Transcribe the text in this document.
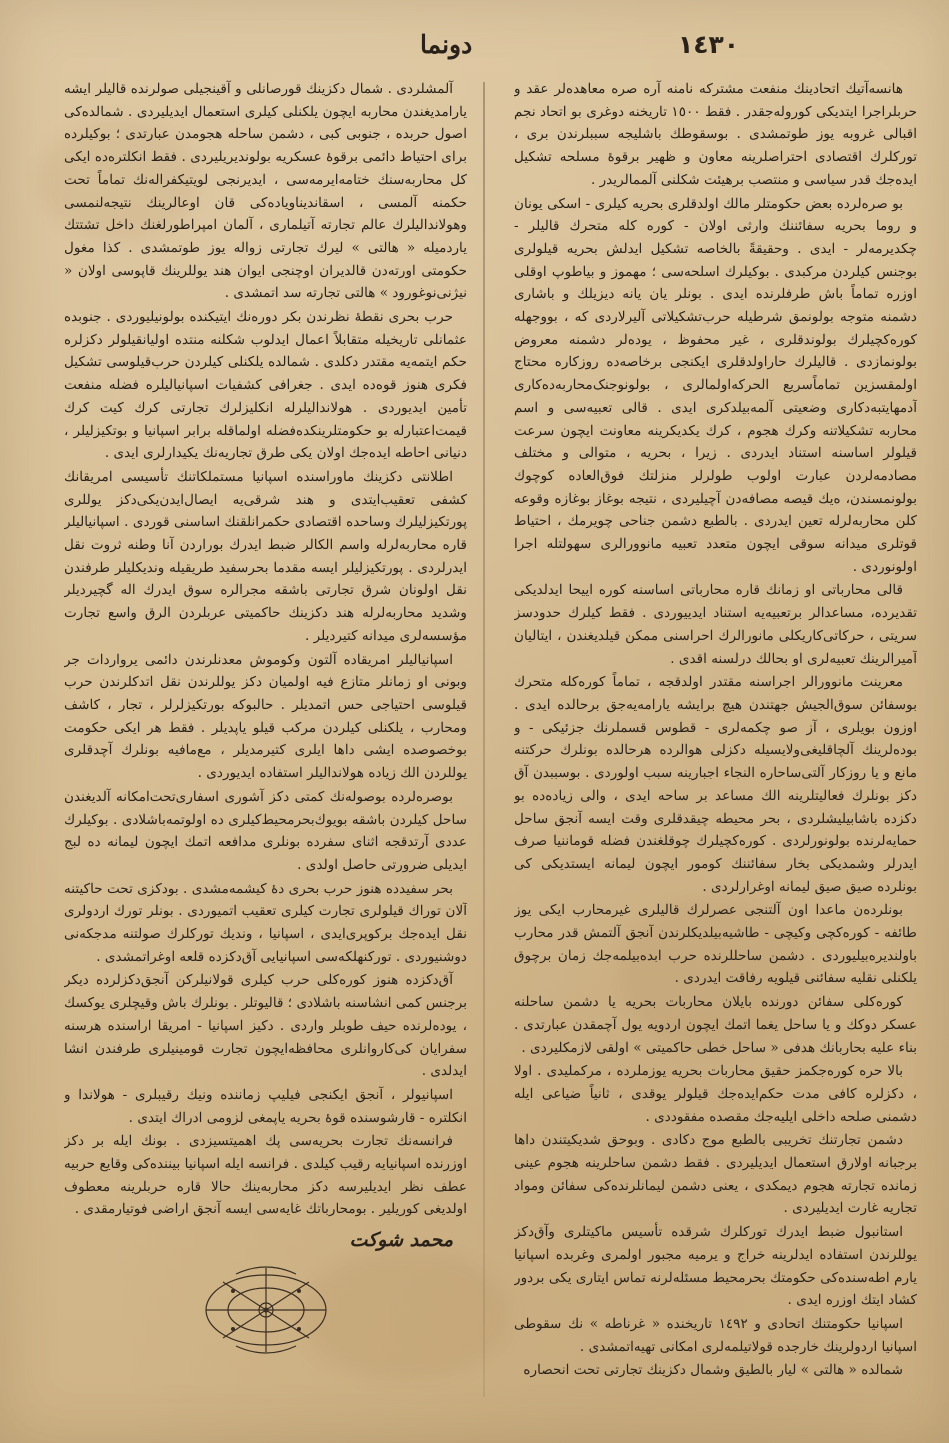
١٤٣٠
دونما

هانسه‌آتیك اتحادینك منفعت مشتركه نامنه آره صره معاهده‌لر عقد و حربلراجرا ایتدیکی کوروله‌جقدر . فقط ١٥٠٠ تاریخنه دوغری بو اتحاد نجم اقبالی غروبه یوز طوتمشدی . بوسقوطك باشلیجه سببلرندن بری ، توركلرك اقتصادی احتراصلرینه معاون و ظهیر برقوۀ مسلحه تشکیل ایده‌جك قدر سیاسی و منتصب برهیئت شكلنی آلممالریدر .

بو صره‌لرده بعض حكومتلر مالك اولدقلری بحریه كیلری - اسكی یونان و روما بحریه سفائننك وارثی اولان - كوره كله متحرك قالیلر - چكدیرمه‌لر - ایدی . وحقیقةً بالخاصه تشکیل ایدلش بحریه قیلولری بوجنس كیلردن مركبدی . بوكیلرك اسلحه‌سی ؛ مهموز و بیاطوپ اوقلی اوزره تماماً باش طرفلرنده ایدی . بونلر یان یانه دیزیلك و باشاری دشمنه متوجه بولونمق شرطیله حرب‌تشکیلاتی آلیرلاردی که ، بووجهله كوره‌كچیلرك بولوندقلری ، غیر محفوظ ، یوده‌لر دشمنه معروض بولونمازدی . قالیلرك حاراولدقلری ایكنجی برخاصه‌ده روزكاره محتاج اولمقسزین تماماًسریع‌ الحركه‌اولمالری ، بولونوجنک‌محاربه‌ده‌کاری آدمهایتبه‌دکاری وضعیتی آلمه‌بیلدکری ایدی . قالی تعبیه‌سی و اسم محاربه تشکیلاتنه وكرك هجوم ، كرك‌ یكدیكرینه معاونت ایچون سرعت قیلولر اساسنه استناد ایدردی . زیرا ، بحریه ، متوالی و مختلف مصادمه‌لردن عبارت اولوب طولرلر منزلتك فوق‌العاده كوچوك بولونمسندن، ه‌یك قیصه مصافه‌دن آچیلیردی ، نتیجه بوغاز بوغازه وقوعه كلن محاربه‌لرله تعین ایدردی . بالطبع دشمن جناحی چویرمك ، احتیاط قوتلری میدانه سوقی ایچون متعدد تعبیه مانوورالری سهولتله اجرا اولونوردی .

قالی محارباتی او زمانك قاره محارباتی اساسنه كوره اییحا ایدلدیکی تقدیرده، مساعدالر برتعبیه‌یه استناد ایدییوردی . فقط كیلرك حدودسز سریتی ، حركاتی‌كاریكلی مانورالرك احراسنی ممكن قیلدیغندن ، ایتالیان آمیرالرینك تعبیه‌لری او بحالك درلسنه اقدی .

معرینت مانوورالر اجراسنه مقتدر اولدقجه ، تماماً كوره‌كله متحرك بوسفائن سوق‌الجیش جهتندن هیچ برایشه یارامه‌یه‌جق برحالده ایدی . اوزون بویلری ، آز صو چکمه‌لری - قطوس قسملرنك جزئیکی - و بوده‌لرینك آلچاقلیغی‌ولایسیله دكزلی هوالرده هرحالده بونلرك حركتنه مانع و یا روزكار آلتی‌ساحاره النجاء اجبارینه سبب اولوردی . بوسببدن آق دكز بونلرك فعالیتلرینه الك مساعد بر ساحه ایدی ، والی زیاده‌ده بو دكزده باشابیلیشلردی ، بحر محیطه چیقدقلری وقت ایسه آنجق ساحل حمایه‌لرنده بولونورلردی . كوره‌كچیلرك چوقلغندن فضله قوماننیا صرف ایدرلر وشمدیکی بخار سفائننك كومور ایچون لیمانه ایستدیکی كی بونلرده صیق صیق لیمانه اوغرارلردی .

بونلرده‌ن ماعدا اون آلتنجی عصرلرك قالیلری غیرمحارب ایكی یوز طائفه - كوره‌كچی وكیچی - طاشیه‌بیلدیکلرندن آنجق آلتمش قدر محارب باولندیره‌بیلیوردی . دشمن ساحللرنده حرب ابده‌بیلمه‌جك زمان برچوق یلكنلی نقلیه سفائنی قیلویه رفاقت ایدردی .

كوره‌كلی سفائن دورنده بایلان محاربات بحریه یا دشمن ساحلنه عسكر دوكك و یا ساحل یغما اتمك ایچون اردویه یول آچمقدن عبارتدی . بناء علیه بحاربانك هدفی « ساحل خطی حاكمیتی » اولقی لازمكلیردی .

بالا حره كوره‌جكمز حقیق محاربات بحریه یوزملرده ، مركملیدی . اولا ، دكزلره كافی مدت حكم‌ایده‌جك قیلولر یوقدی ، ثانیاً ضیاعی ایله دشمنی صلحه داخلی ایلیه‌جك مقصده مفقوددی .

دشمن تجارتنك تخریبی بالطبع موج دکادی . وبوحق شدیكیتندن داها برجبانه اولارق استعمال ایدیلیردی . فقط دشمن ساحلرینه هجوم عینی زمانده تجارته هجوم دیمكدی ، یعنی دشمن لیمانلرنده‌كی سفائن ومواد تجاریه غارت ایدیلیردی .

استانبول ضبط ایدرك توركلرك شرقده تأسیس ما‌كیتلری وآق‌دكز یوللرندن استفاده ایدلرینه خراج و یرمیه مجبور اولمری وغربده اسپانیا یارم اطه‌سنده‌كی حكومتك بحرمحیط مسئله‌لرنه تماس ایتاری یکی بردور كشاد ایتك اوزره ایدی .

اسپانیا حكومتنك اتحادی و ١٤٩٢ تاریخنده « غرناطه » نك سقوطی اسپانیا اردولرینك خارجده قولاتیلمه‌لری امكانی تهیه‌اتمشدی .

شمالده « هالتی » لیار بالطیق وشمال دكزینك تجارتی تحت انحصاره

آلمشلردی . شمال دكزینك قورصانلی و آقینجیلی صولرنده قالیلر ایشه یارامدیغندن محاربه ایچون یلكنلی كیلری استعمال ایدیلیردی . شمالده‌كی اصول حربده ، جنوبی كبی ، دشمن ساحله هجومدن عبارتدی ؛ بوكیلرده برای احتیاط دائمی برقوۀ عسكریه بولوندیریلیردی . فقط انكلتره‌ده ایكی كل محاربه‌سنك ختامه‌ایرمه‌سی ، ایدیرنجی لویتیكفراله‌نك تماماً تحت حكمنه آلمسی ، اسقاندیناویاده‌كی قان‌ اوعالرینك نتیجه‌لنمسی وهولاندالیلرك عالم تجارته آتیلماری ، آلمان امپراطورلغنك داخل تشتتك یاردمیله « هالتی » لیرك تجارتی زواله یوز طوتمشدی . كذا مغول حكومتی اورته‌دن قالدیران اوچنجی ایوان هند یوللرینك قاپوسی اولان « نیژنی‌نوغورود » هالتی تجارته سد اتمشدی .

حرب بحری نقطۀ نظرندن بكر دوره‌نك ایتیکنده بولونیلیوردی . جنوبده عثمانلی تاریخیله متقابلاً اعمال ایدلوب شكلنه منتده اولیانقیلولر دكزلره حكم ایتمه‌یه مقتدر دكلدی . شمالده یلكنلی كیلردن حرب‌قیلوسی تشكیل فكری هنوز قوه‌ده ایدی . جغرافی كشفیات اسپانیالیلره فضله منفعت تأمین ایدیوردی . هولاندالیلرله انكلیزلرك تجارتی كرك كیت كرك قیمت‌اعتبارله‌ بو حكومتلرینكده‌فضله‌ اولماقله برابر اسپانیا و بوتكیزلیلر ، دنیانی احاطه ایده‌جك اولان یکی طرق تجاریه‌نك یکیدارلری ایدی .

اطلانتی دكزینك ماوراسنده اسپانیا مستملكاتنك تأسیسی امریقانك كشفی تعقیب‌ایتدی و هند شرقی‌یه ایصال‌ایدن‌یكی‌دكز یوللری پورتكیزلیلرك وساحده‌ اقتصادی حكمرانلقنك اساسنی قوردی . اسپانیالیلر قاره محاربه‌لرله واسم الكالر ضبط ایدرك بوراردن آنا وطنه ثروت نقل ایدرلردی . پورتكیزلیلر ایسه مقدما بحرسفید طریقیله وندیكلیلر طرفندن نقل اولونان شرق تجارتی باشقه مجرالره سوق ایدرك اله گچیردیلر وشدید محاربه‌لرله هند دكزینك حاكمیتی عربلردن الرق واسع تجارت مؤسسه‌لری میدانه كتیردیلر .

اسپانیالیلر امریقاده آلتون وکوموش معدنلرندن دائمی یرواردات جر وبونی او زمانلر متازع فیه اولمیان دكز یوللرندن نقل اتدكلرندن حرب قیلوسی احتیاجی حس اتمدیلر . حالبوكه بورتكیزلرلر ، تجار ، كاشف ومحارب ، یلكنلی كیلردن مرکب قیلو یاپدیلر . فقط هر ایكی حكومت بوخصوصده ایشی داها ایلری كتیرمدیلر ، مع‌مافیه بونلرك آچدقلری یوللردن الك زیاده هولاندالیلر استفاده ایدیوردی .

بوصره‌لرده بوصوله‌نك كمتی دكز آشوری اسفاری‌تحت‌امكانه آلدیغندن ساحل كیلردن باشقه بویوك‌بحرمحیط‌كیلری ده اولوتمه‌باشلادی . بوكیلرك عددی آرتدقجه اثنای سفرده بونلری مدافعه اتمك ایچون لیمانه ده لبج ایدیلی ضرورتی حاصل اولدی .

بحر سفیدده هنوز حرب بحری دۀ كیشمه‌مشدی . بودكزی تحت حاكیتنه آلان توراك قیلولری تجارت كیلری تعقیب اتمیوردی . بونلر تورك اردولری نقل ایده‌جك بركوپری‌ایدی ، اسپانیا ، وندیك توركلرك صولتنه مدجكه‌نی دوشنیوردی . توركنهلكه‌سی اسپانیایی آق‌دكزده قلعه اوغراتمشدی .

آق‌دكزده هنوز كوره‌كلی حرب كیلری قولانیلركن آنجق‌دكزلرده دیكر برجنس كمی انشاسنه باشلادی ؛ قالیوتلر . بونلرك باش وقیچلری یوكسك ، یوده‌لرنده حیف طوبلر واردی . دكیز اسپانیا - امریقا اراسنده هرسنه سفرایان‌ کی‌کاروانلر‌ی محافظه‌ایچون‌ تجارت قومینیلری طرفندن انشا ایدلدی .

اسپانیولر ، آنجق ایكنجی فیلیپ زماننده ونیك رقیبلری - هولاندا و انكلتره - قارشوسنده قوۀ بحریه یاپمغی لزومی ادراك ایتدی .

فرانسه‌نك تجارت بحریه‌سی پك اهمیتسیزدی . بونك ایله بر دكز اوزرنده اسپانیایه رقیب كیلدی . فرانسه ایله اسپانیا بیننده‌كی وقایع حربیه عطف نظر ایدیلیرسه دكز محاربه‌ینك حالا قاره حربلرینه معطوف اولدیغی كوریلیر . بومحارباتك غایه‌سی ایسه آنجق اراضی فوتیارمقدی .

محمد شوكت
